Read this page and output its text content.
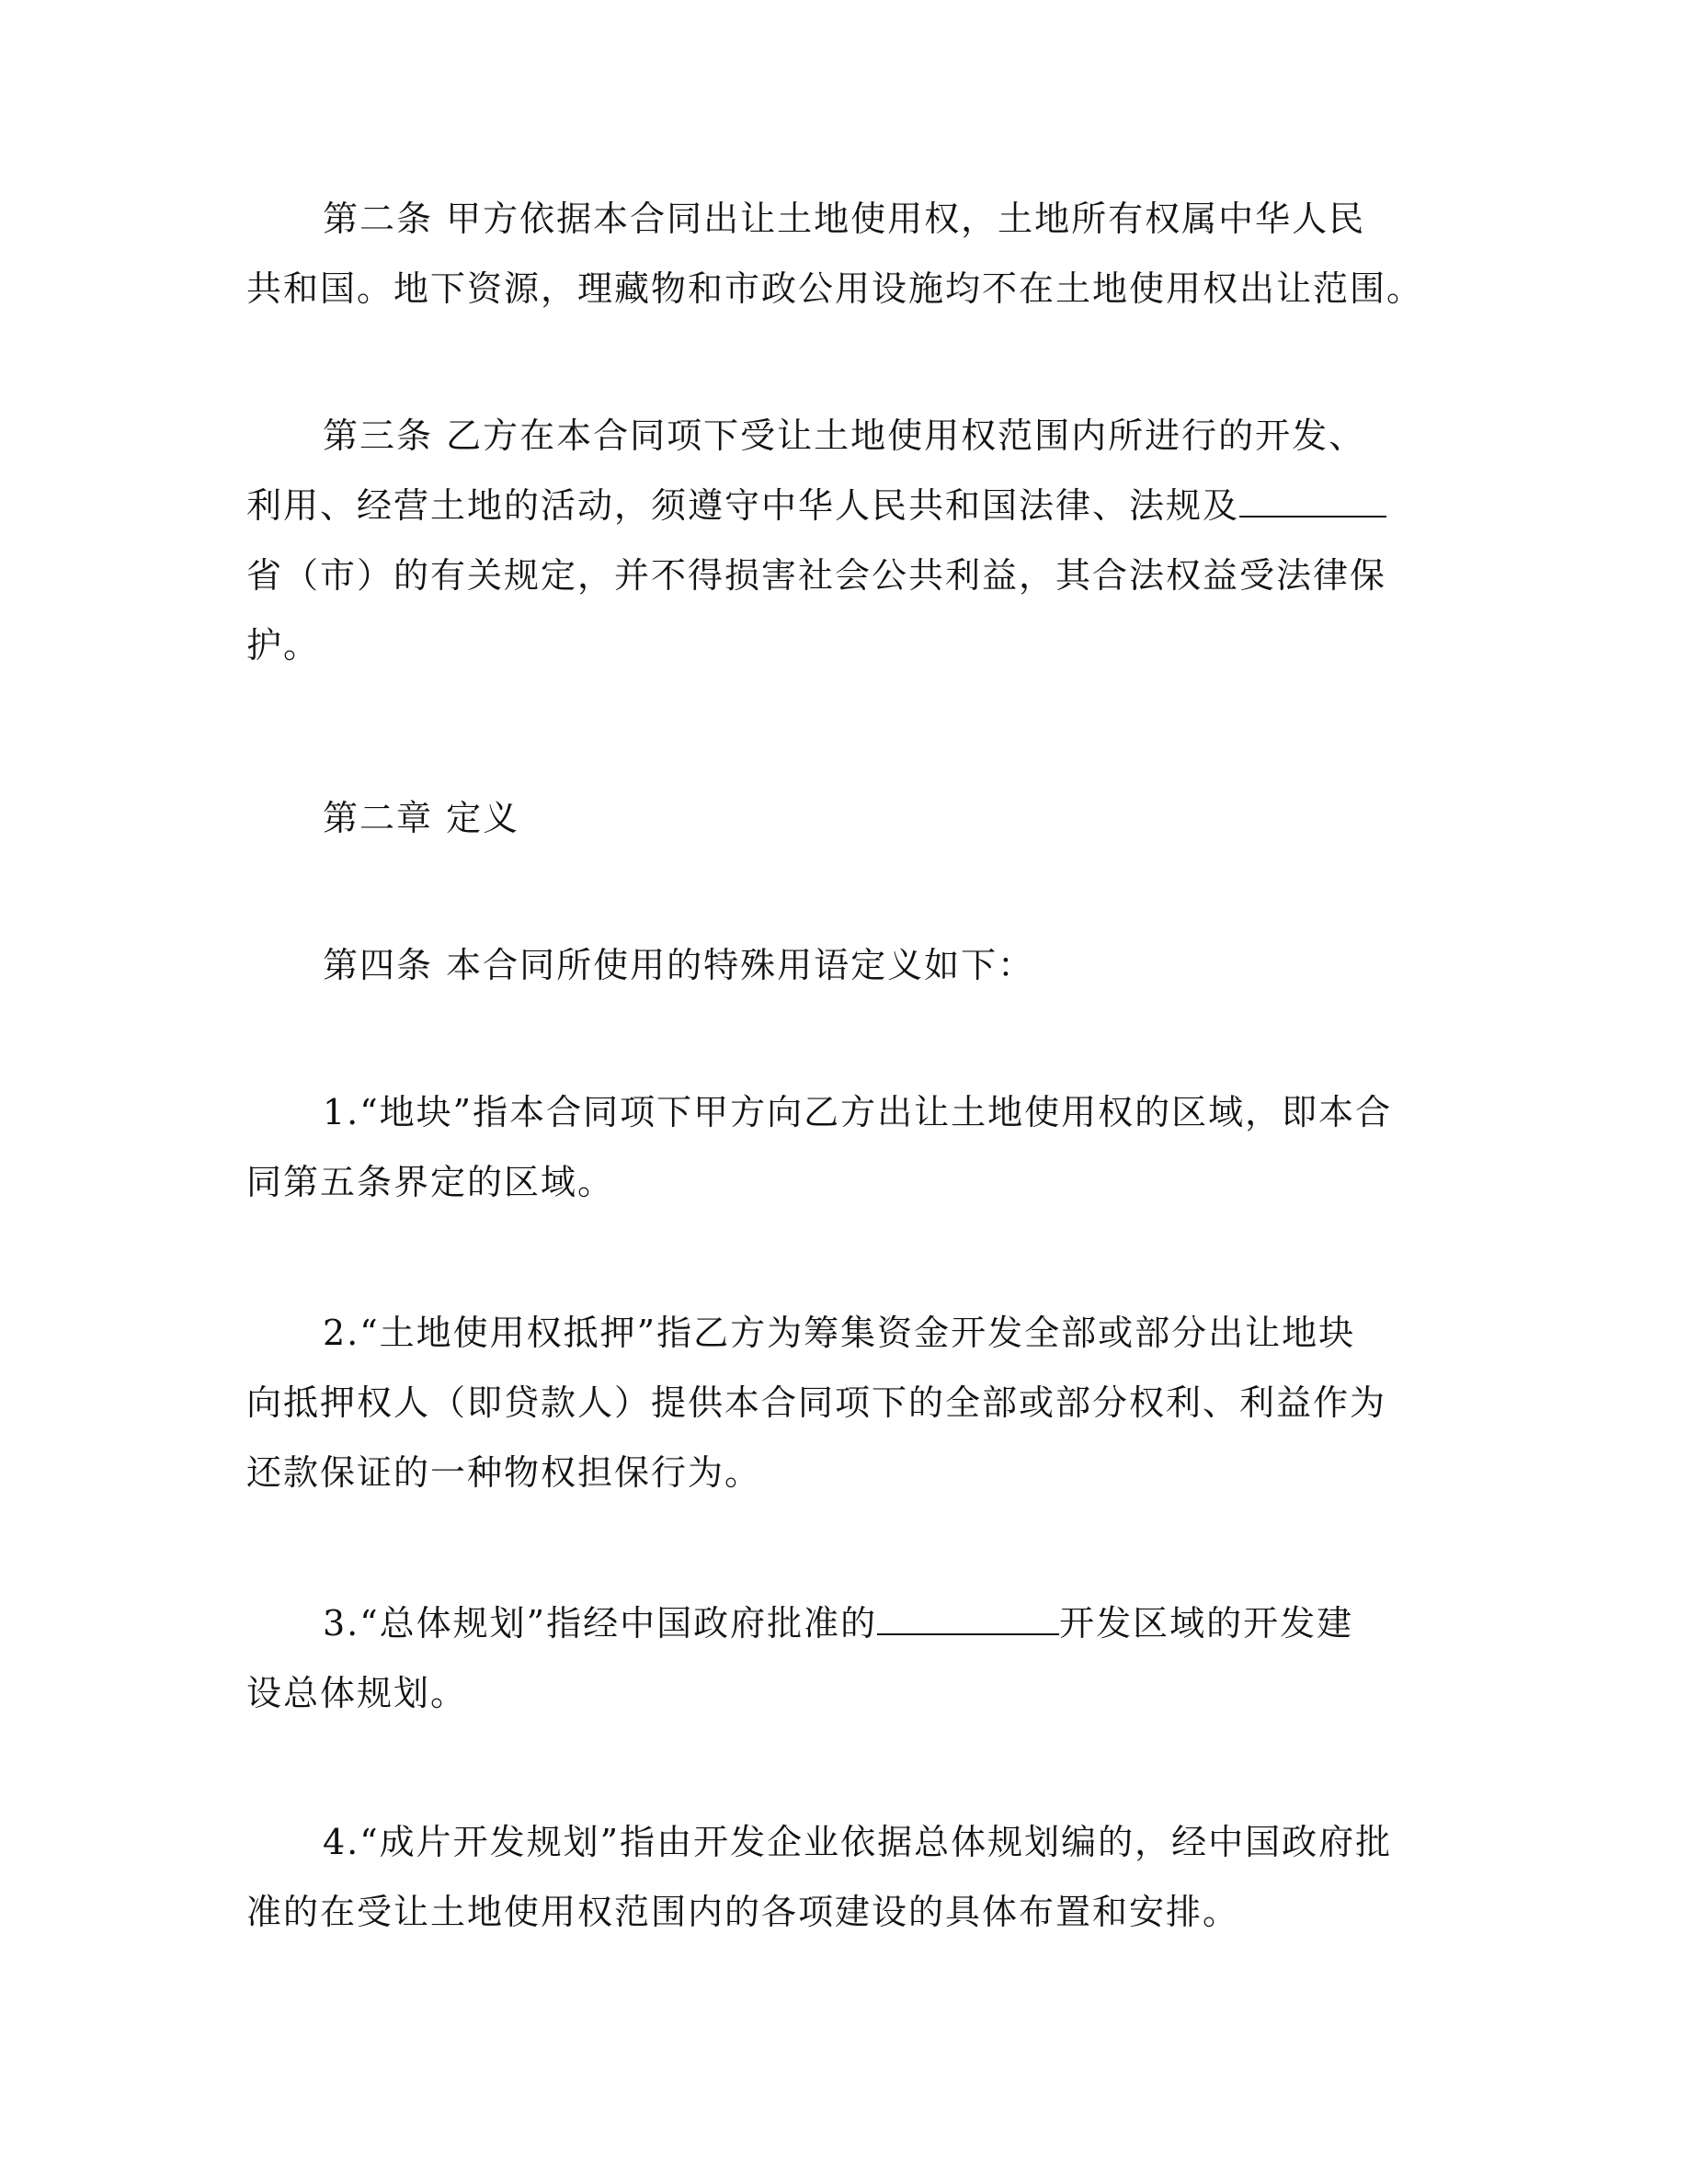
第二条 甲方依据本合同出让土地使用权，土地所有权属中华人民
共和国。地下资源，理藏物和市政公用设施均不在土地使用权出让范围。
第三条 乙方在本合同项下受让土地使用权范围内所进行的开发、
利用、经营土地的活动，须遵守中华人民共和国法律、法规及
省（市）的有关规定，并不得损害社会公共利益，其合法权益受法律保
护。
第二章 定义
第四条 本合同所使用的特殊用语定义如下：
1.“地块”指本合同项下甲方向乙方出让土地使用权的区域，即本合
同第五条界定的区域。
2.“土地使用权抵押”指乙方为筹集资金开发全部或部分出让地块
向抵押权人（即贷款人）提供本合同项下的全部或部分权利、利益作为
还款保证的一种物权担保行为。
3.“总体规划”指经中国政府批准的	开发区域的开发建
设总体规划。
4.“成片开发规划”指由开发企业依据总体规划编的，经中国政府批
准的在受让土地使用权范围内的各项建设的具体布置和安排。
